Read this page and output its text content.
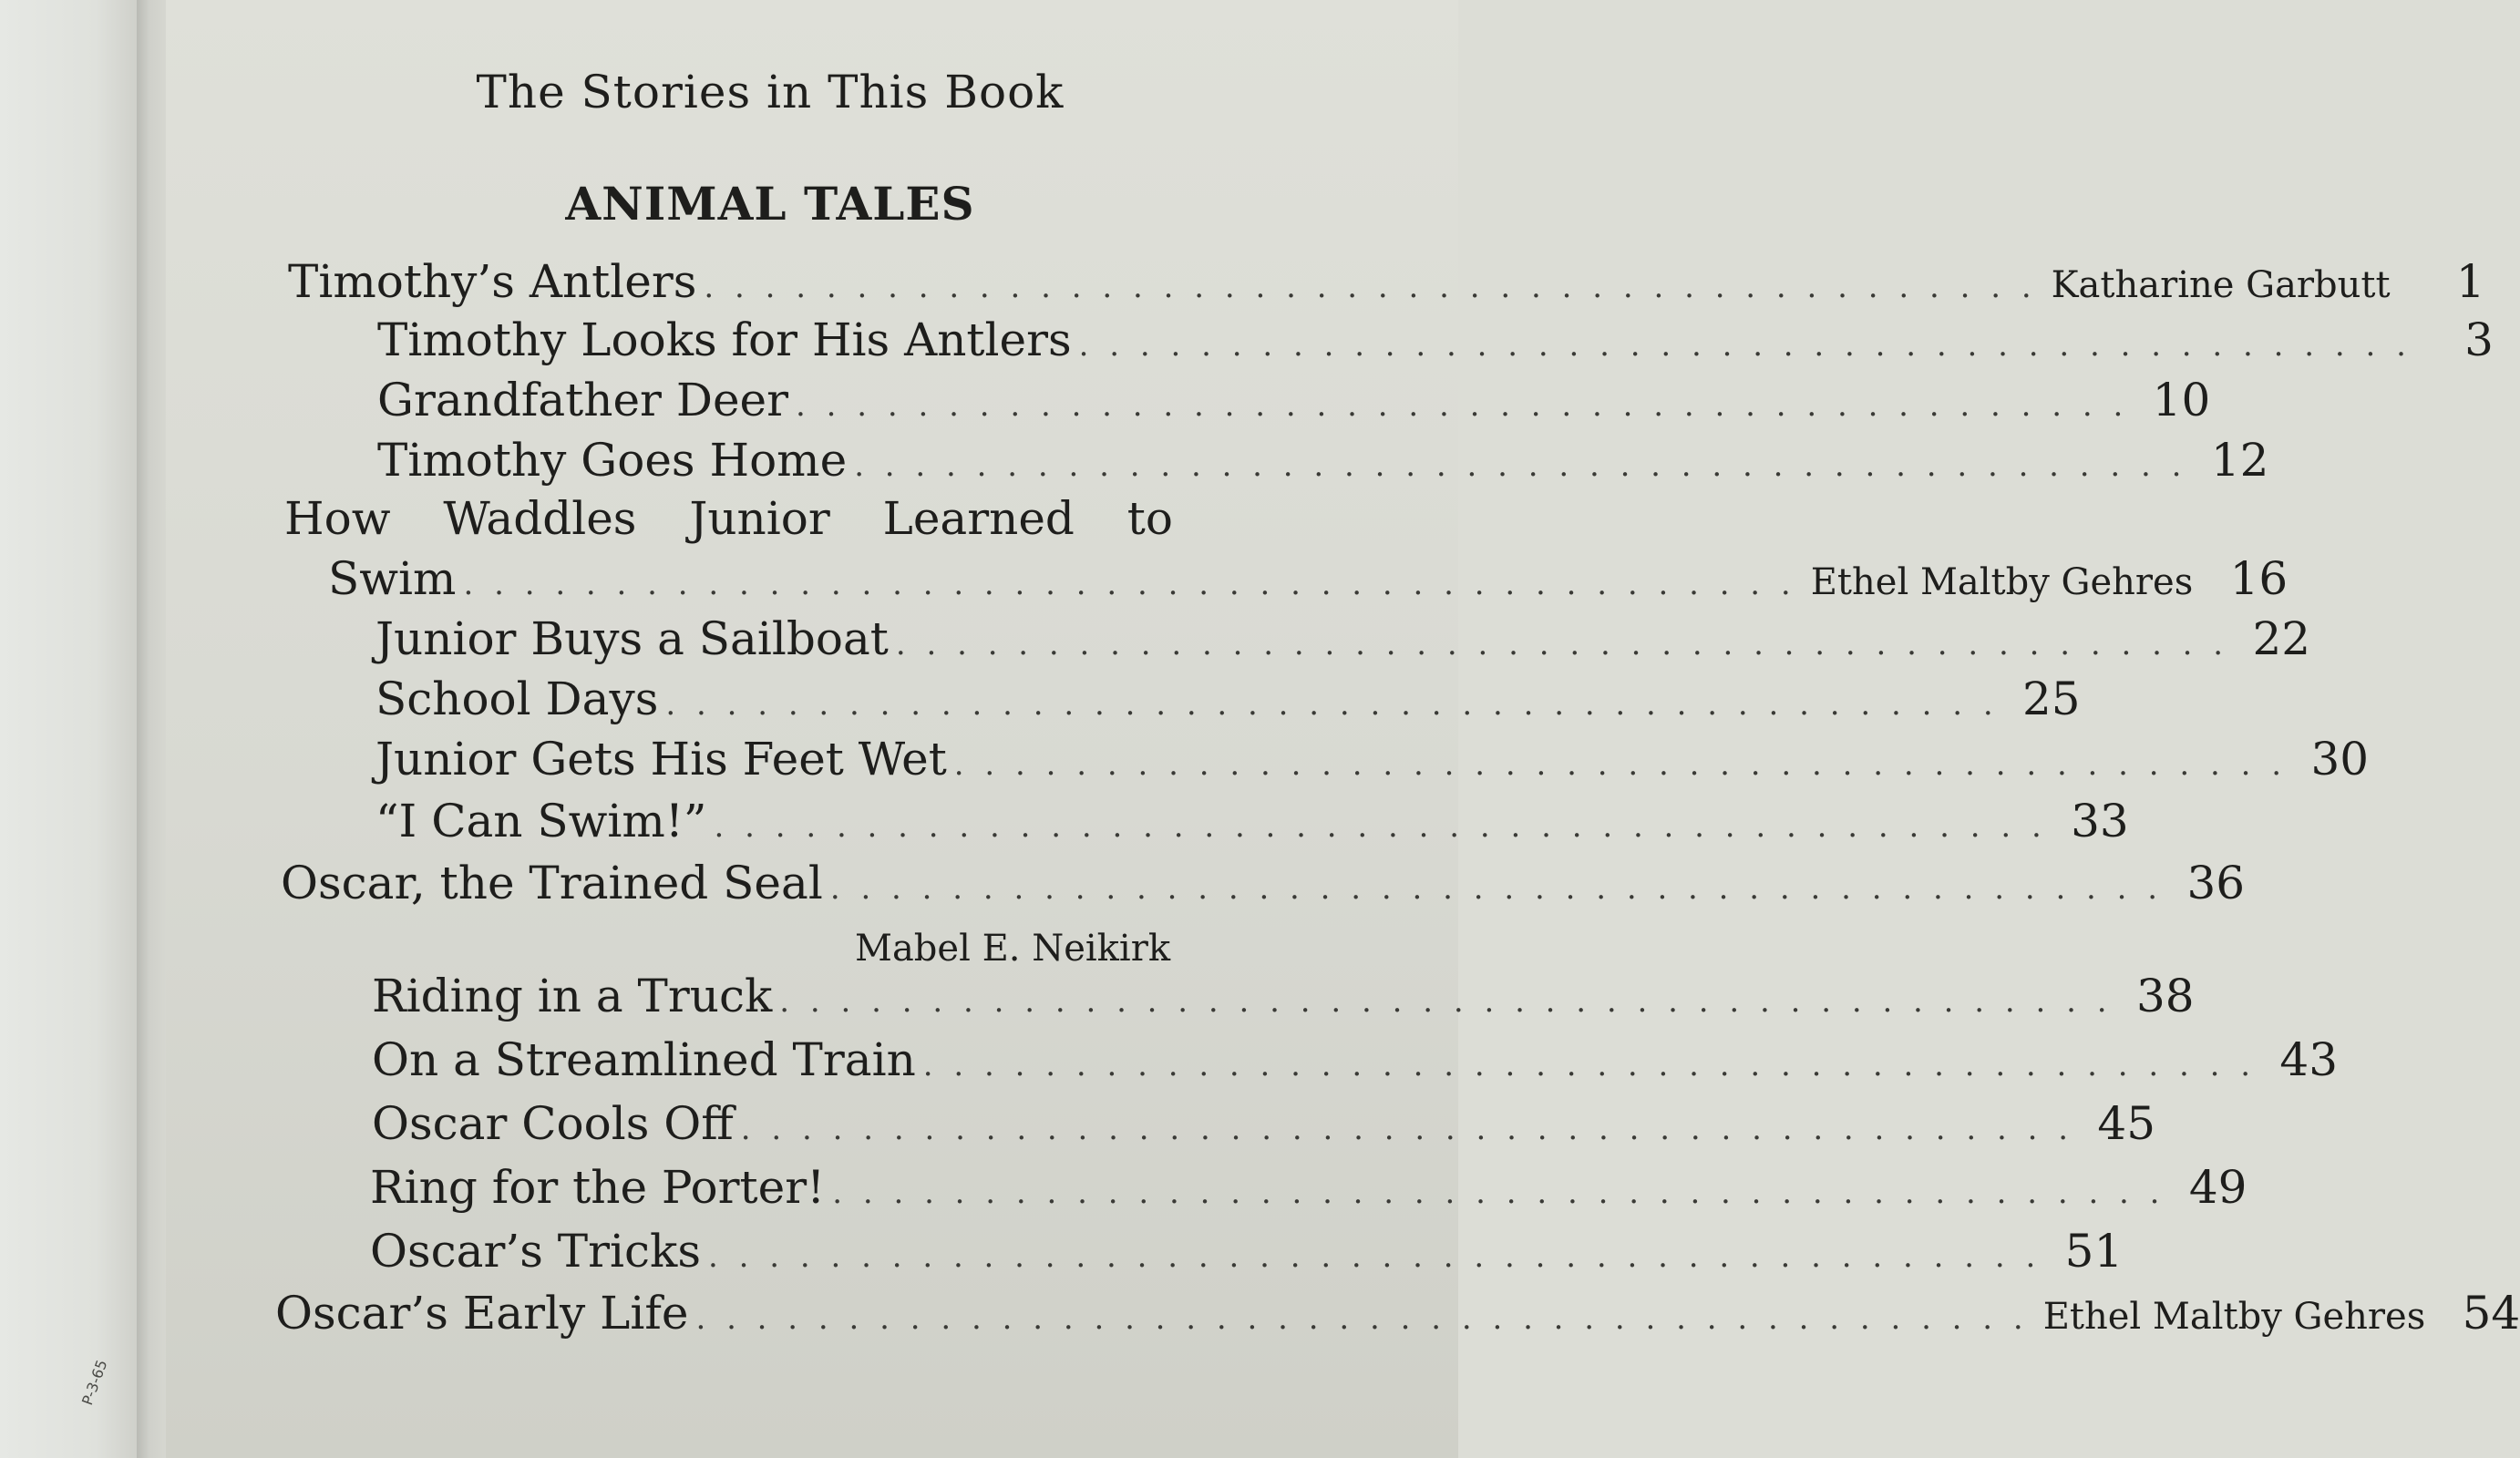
The Stories in This Book
ANIMAL TALES
Timothy’s Antlers . . . . . . . . . . . . . . . . . . . . . . . . . . . . . . . . . . . . . . . . . . . . Katharine Garbutt	1
Timothy Looks for His Antlers . . . . . . . . . . . . . . . . . . . . . . . . . . . . . . . . . . . . . . . . . . . .	3
Grandfather Deer . . . . . . . . . . . . . . . . . . . . . . . . . . . . . . . . . . . . . . . . . . . . 10
Timothy Goes Home . . . . . . . . . . . . . . . . . . . . . . . . . . . . . . . . . . . . . . . . . . . . 12
How Waddles Junior Learned to
Swim . . . . . . . . . . . . . . . . . . . . . . . . . . . . . . . . . . . . . . . . . . . . Ethel Maltby Gehres 16
Junior Buys a Sailboat . . . . . . . . . . . . . . . . . . . . . . . . . . . . . . . . . . . . . . . . . . . . 22
School Days . . . . . . . . . . . . . . . . . . . . . . . . . . . . . . . . . . . . . . . . . . . . 25
Junior Gets His Feet Wet . . . . . . . . . . . . . . . . . . . . . . . . . . . . . . . . . . . . . . . . . . . . 30
“I Can Swim!” . . . . . . . . . . . . . . . . . . . . . . . . . . . . . . . . . . . . . . . . . . . . 33
Oscar, the Trained Seal . . . . . . . . . . . . . . . . . . . . . . . . . . . . . . . . . . . . . . . . . . . . 36
Mabel E. Neikirk
Riding in a Truck . . . . . . . . . . . . . . . . . . . . . . . . . . . . . . . . . . . . . . . . . . . . 38
On a Streamlined Train . . . . . . . . . . . . . . . . . . . . . . . . . . . . . . . . . . . . . . . . . . . . 43
Oscar Cools Off . . . . . . . . . . . . . . . . . . . . . . . . . . . . . . . . . . . . . . . . . . . . 45
Ring for the Porter! . . . . . . . . . . . . . . . . . . . . . . . . . . . . . . . . . . . . . . . . . . . . 49
Oscar’s Tricks . . . . . . . . . . . . . . . . . . . . . . . . . . . . . . . . . . . . . . . . . . . . 51
Oscar’s Early Life . . . . . . . . . . . . . . . . . . . . . . . . . . . . . . . . . . . . . . . . . . . . Ethel Maltby Gehres 54
P-3-65
